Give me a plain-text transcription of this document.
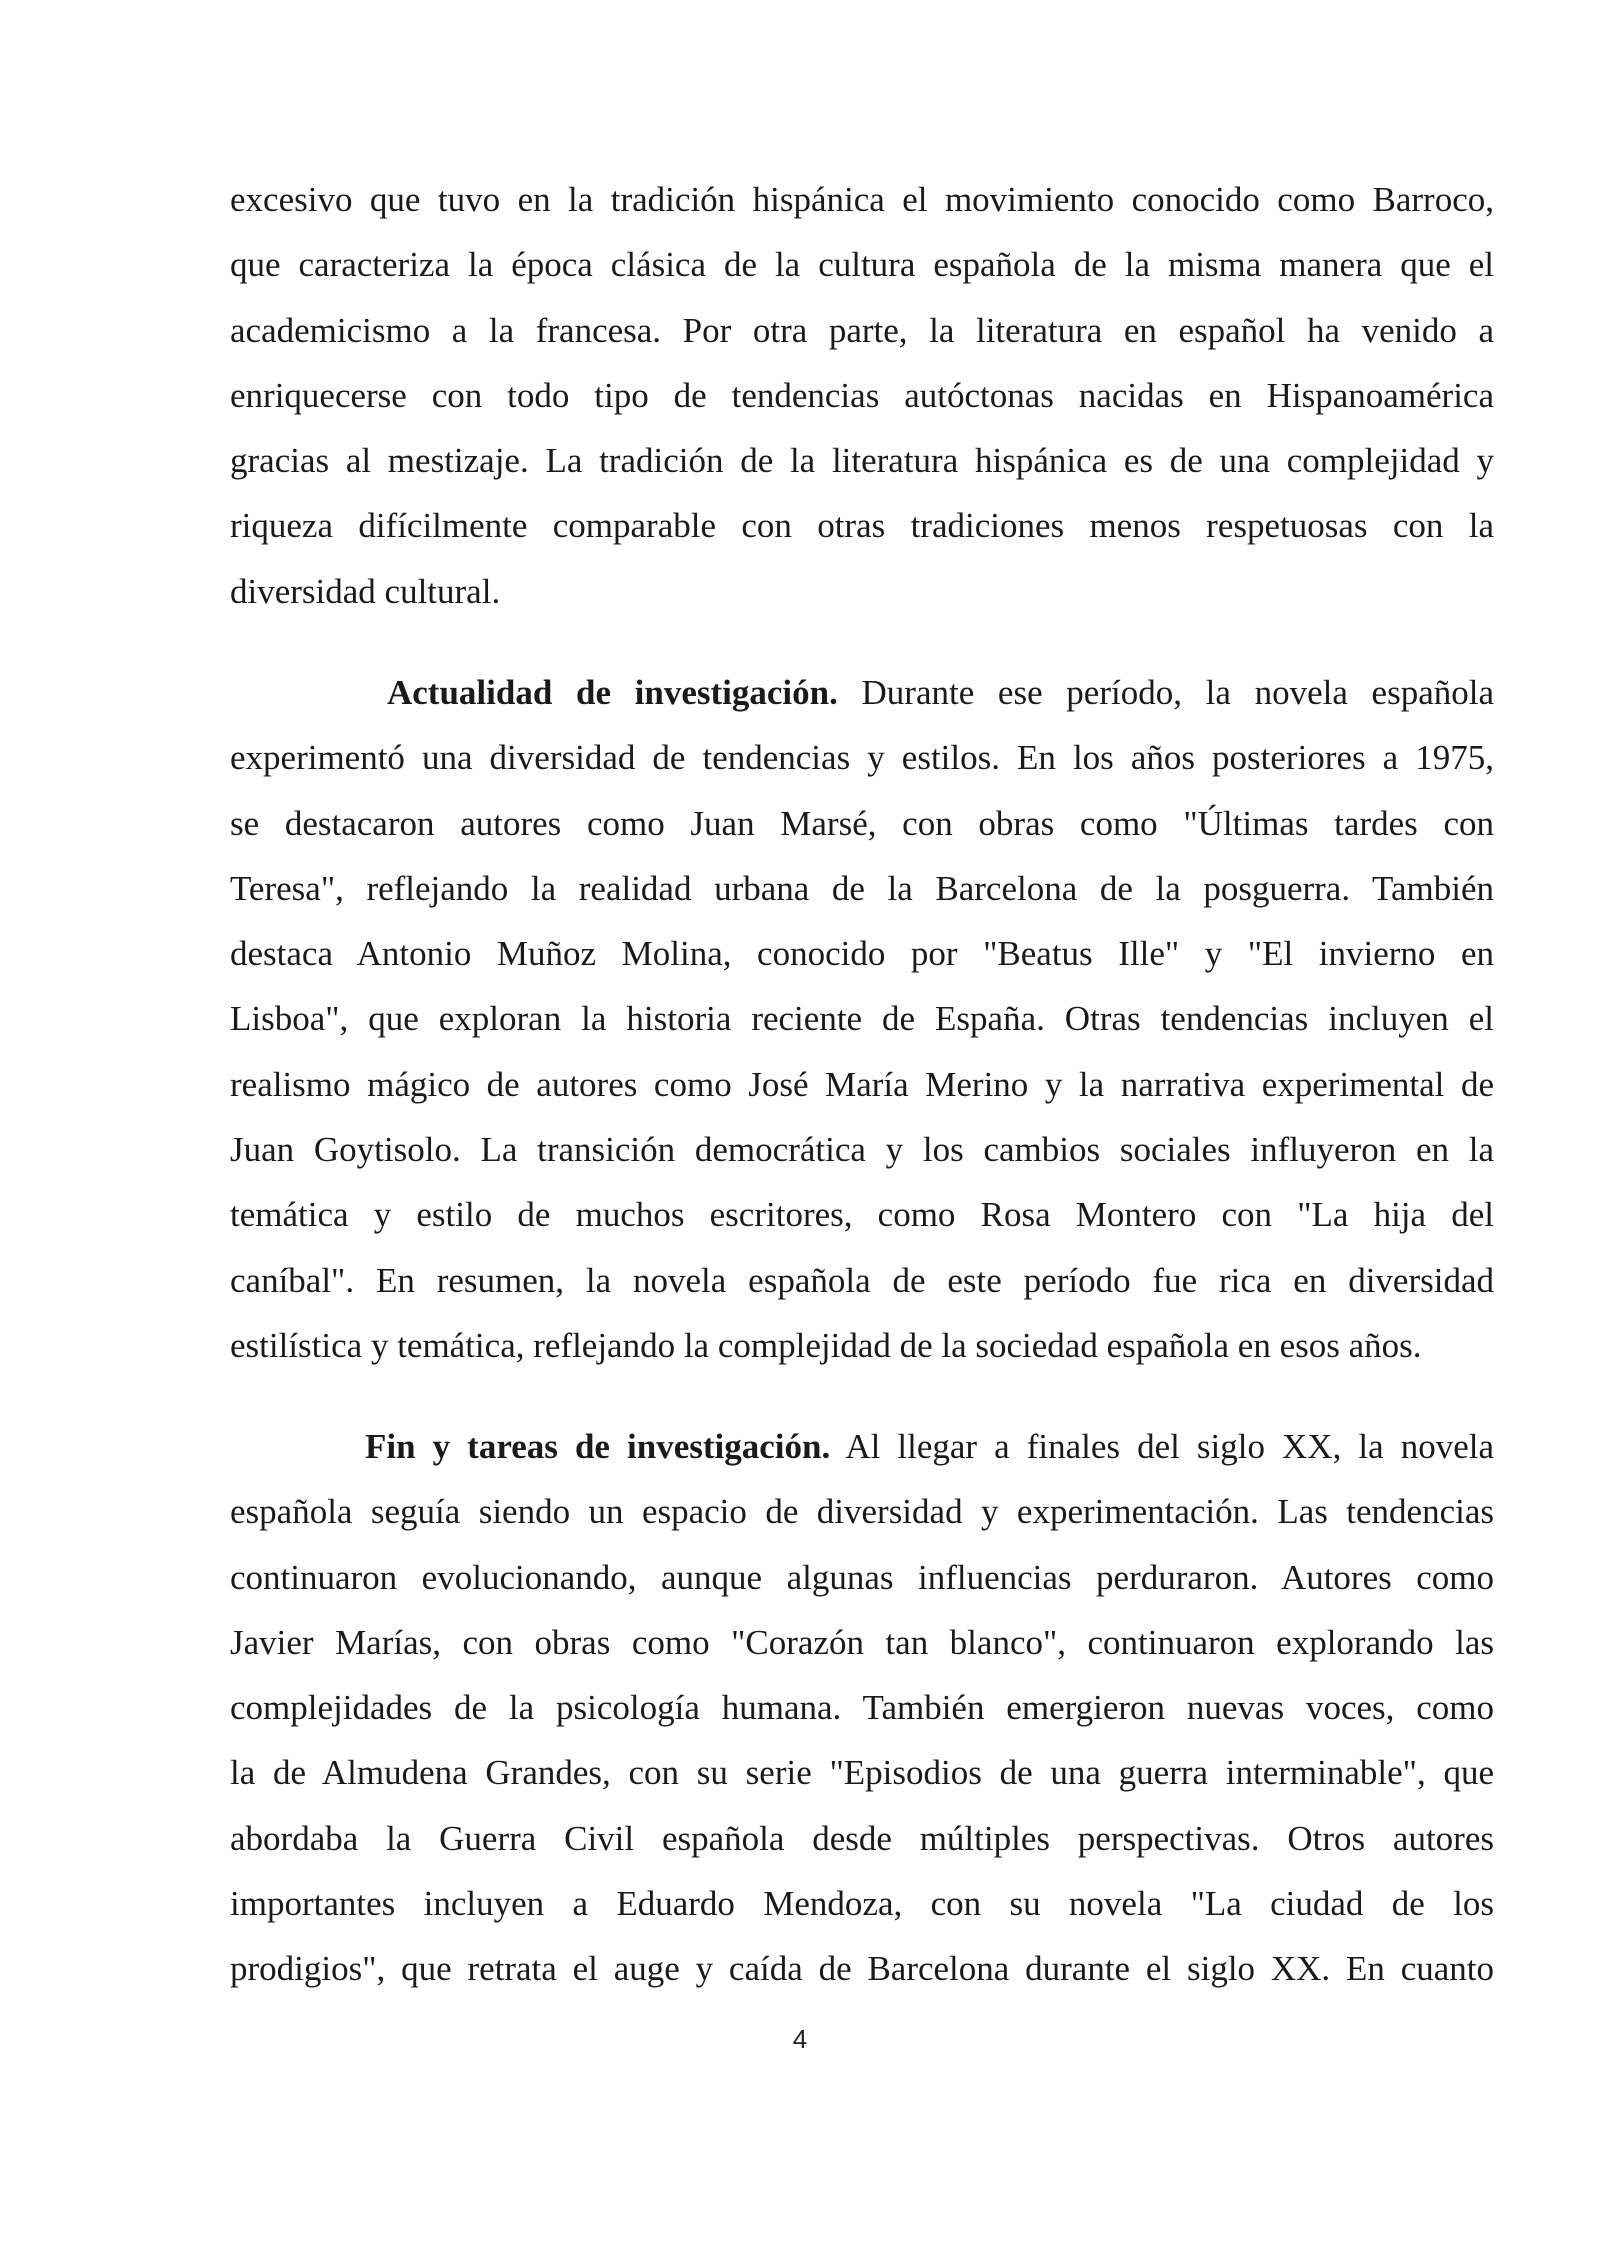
excesivo que tuvo en la tradición hispánica el movimiento conocido como Barroco,
que caracteriza la época clásica de la cultura española de la misma manera que el
academicismo a la francesa. Por otra parte, la literatura en español ha venido a
enriquecerse con todo tipo de tendencias autóctonas nacidas en Hispanoamérica
gracias al mestizaje. La tradición de la literatura hispánica es de una complejidad y
riqueza difícilmente comparable con otras tradiciones menos respetuosas con la
diversidad cultural.
Actualidad de investigación. Durante ese período, la novela española
experimentó una diversidad de tendencias y estilos. En los años posteriores a 1975,
se destacaron autores como Juan Marsé, con obras como "Últimas tardes con
Teresa", reflejando la realidad urbana de la Barcelona de la posguerra. También
destaca Antonio Muñoz Molina, conocido por "Beatus Ille" y "El invierno en
Lisboa", que exploran la historia reciente de España. Otras tendencias incluyen el
realismo mágico de autores como José María Merino y la narrativa experimental de
Juan Goytisolo. La transición democrática y los cambios sociales influyeron en la
temática y estilo de muchos escritores, como Rosa Montero con "La hija del
caníbal". En resumen, la novela española de este período fue rica en diversidad
estilística y temática, reflejando la complejidad de la sociedad española en esos años.
Fin y tareas de investigación. Al llegar a finales del siglo XX, la novela
española seguía siendo un espacio de diversidad y experimentación. Las tendencias
continuaron evolucionando, aunque algunas influencias perduraron. Autores como
Javier Marías, con obras como "Corazón tan blanco", continuaron explorando las
complejidades de la psicología humana. También emergieron nuevas voces, como
la de Almudena Grandes, con su serie "Episodios de una guerra interminable", que
abordaba la Guerra Civil española desde múltiples perspectivas. Otros autores
importantes incluyen a Eduardo Mendoza, con su novela "La ciudad de los
prodigios", que retrata el auge y caída de Barcelona durante el siglo XX. En cuanto
4
